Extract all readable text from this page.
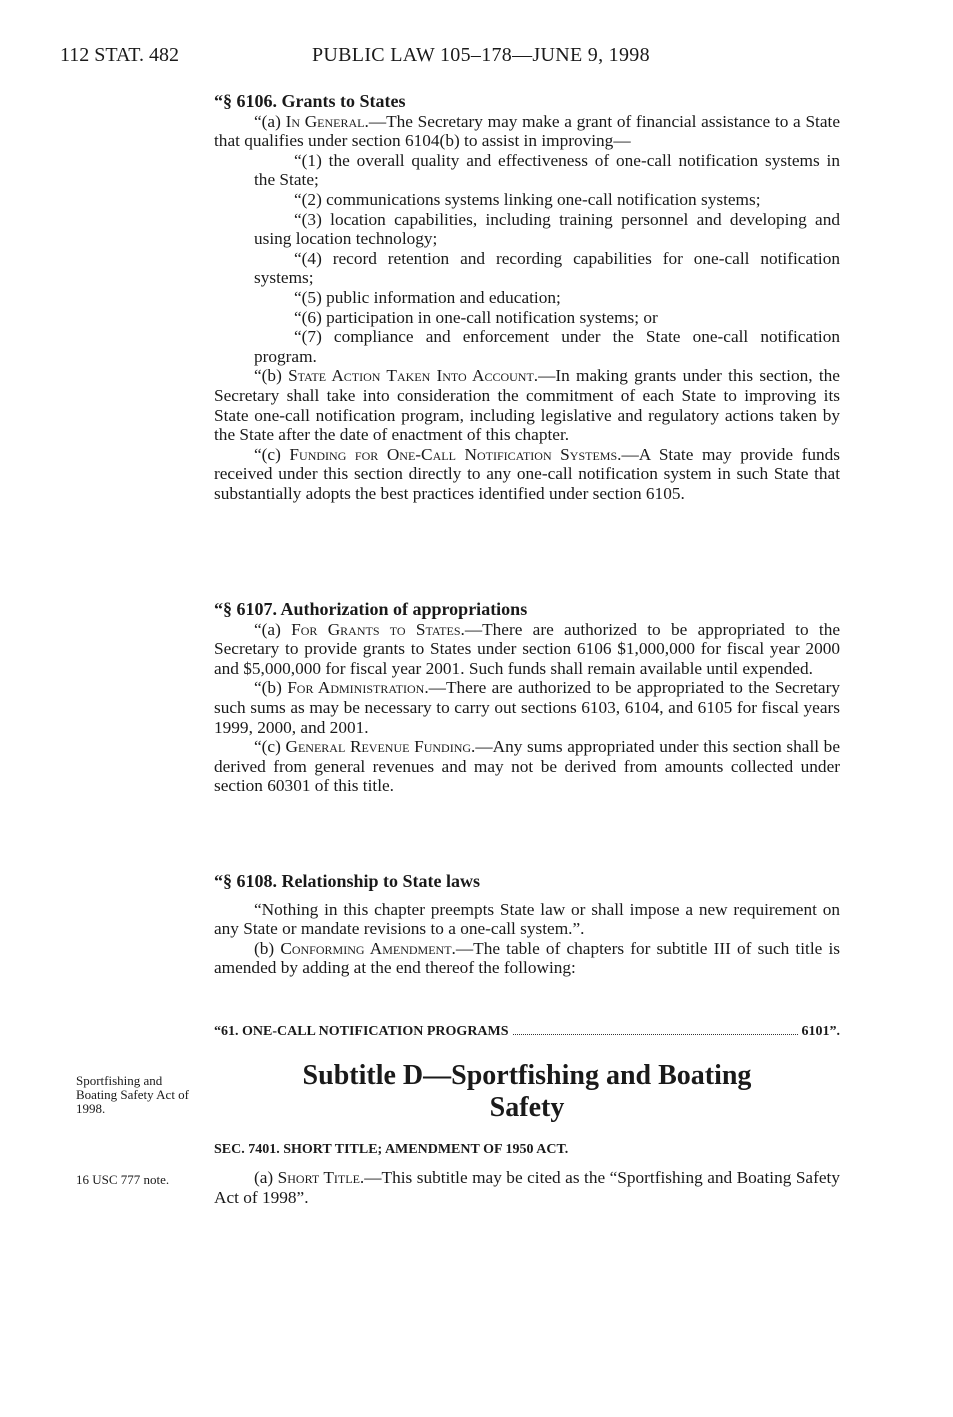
112 STAT. 482	PUBLIC LAW 105–178—JUNE 9, 1998

“§ 6106. Grants to States

“(a) In General.—The Secretary may make a grant of financial assistance to a State that qualifies under section 6104(b) to assist in improving—

“(1) the overall quality and effectiveness of one-call notification systems in the State;

“(2) communications systems linking one-call notification systems;

“(3) location capabilities, including training personnel and developing and using location technology;

“(4) record retention and recording capabilities for one-call notification systems;

“(5) public information and education;

“(6) participation in one-call notification systems; or

“(7) compliance and enforcement under the State one-call notification program.

“(b) State Action Taken Into Account.—In making grants under this section, the Secretary shall take into consideration the commitment of each State to improving its State one-call notification program, including legislative and regulatory actions taken by the State after the date of enactment of this chapter.

“(c) Funding for One-Call Notification Systems.—A State may provide funds received under this section directly to any one-call notification system in such State that substantially adopts the best practices identified under section 6105.

“§ 6107. Authorization of appropriations

“(a) For Grants to States.—There are authorized to be appropriated to the Secretary to provide grants to States under section 6106 $1,000,000 for fiscal year 2000 and $5,000,000 for fiscal year 2001. Such funds shall remain available until expended.

“(b) For Administration.—There are authorized to be appropriated to the Secretary such sums as may be necessary to carry out sections 6103, 6104, and 6105 for fiscal years 1999, 2000, and 2001.

“(c) General Revenue Funding.—Any sums appropriated under this section shall be derived from general revenues and may not be derived from amounts collected under section 60301 of this title.

“§ 6108. Relationship to State laws

“Nothing in this chapter preempts State law or shall impose a new requirement on any State or mandate revisions to a one-call system.”.

(b) Conforming Amendment.—The table of chapters for subtitle III of such title is amended by adding at the end thereof the following:

“61. ONE-CALL NOTIFICATION PROGRAMS	6101”.
Sportfishing and Boating Safety Act of 1998.
Subtitle D—Sportfishing and Boating
Safety
SEC. 7401. SHORT TITLE; AMENDMENT OF 1950 ACT.
16 USC 777 note.	(a) Short Title.—This subtitle may be cited as the “Sportfishing and Boating Safety Act of 1998”.
